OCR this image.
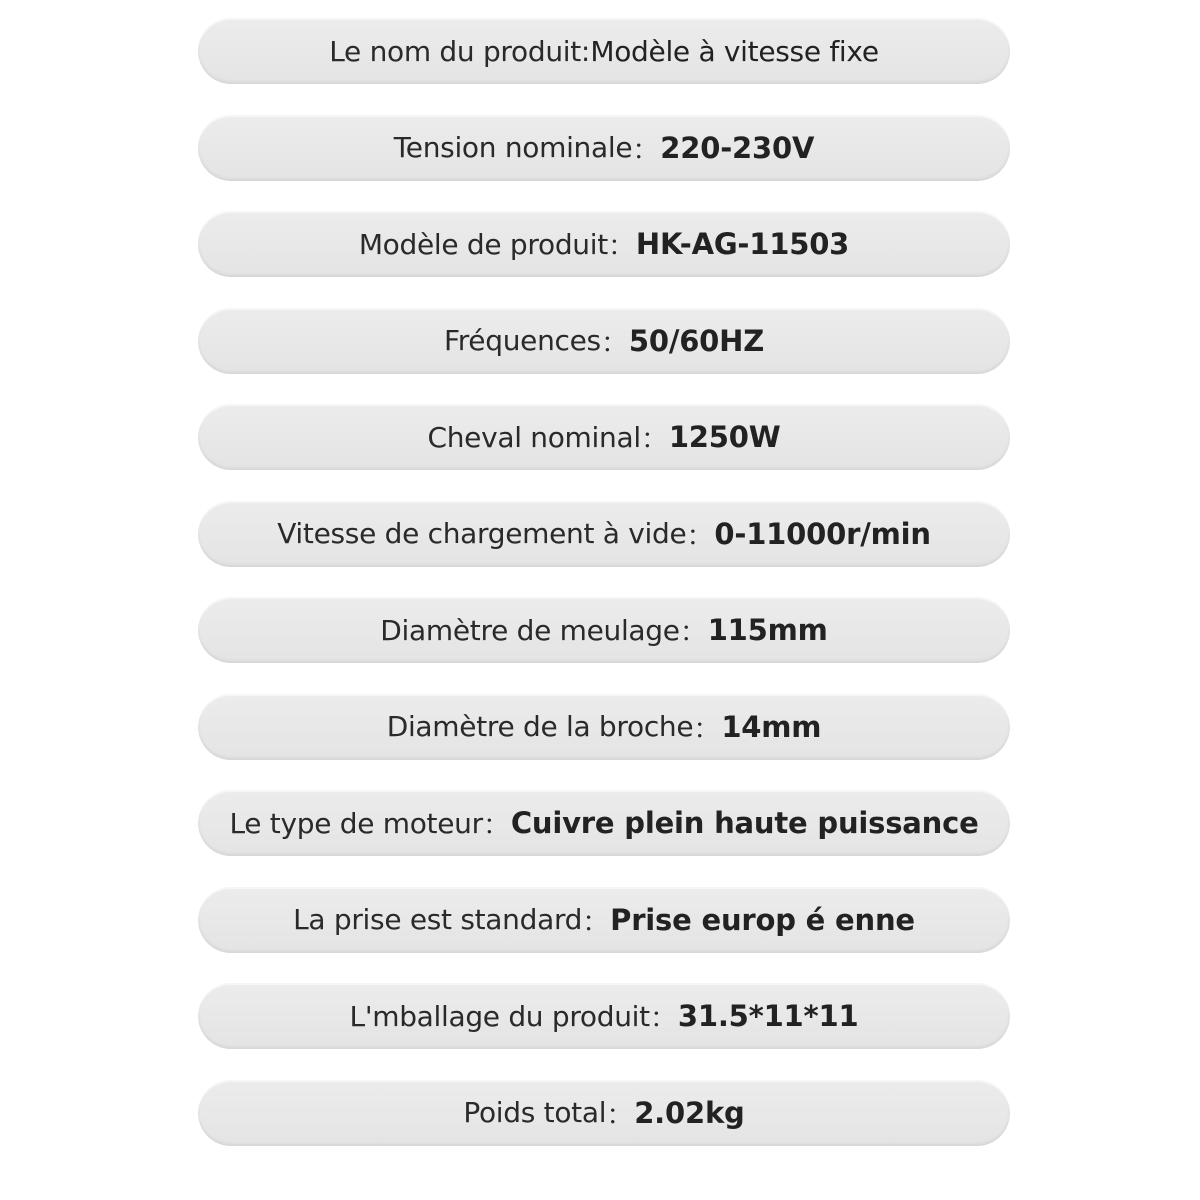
Le nom du produit : Modèle à vitesse fixe
Tension nominale ： 220-230V
Modèle de produit ： HK-AG-11503
Fréquences ： 50/60HZ
Cheval nominal ： 1250W
Vitesse de chargement à vide ： 0-11000r/min
Diamètre de meulage ： 115mm
Diamètre de la broche ： 14mm
Le type de moteur ： Cuivre plein haute puissance
La prise est standard ： Prise europ é enne
L'mballage du produit ： 31.5*11*11
Poids total ： 2.02kg
